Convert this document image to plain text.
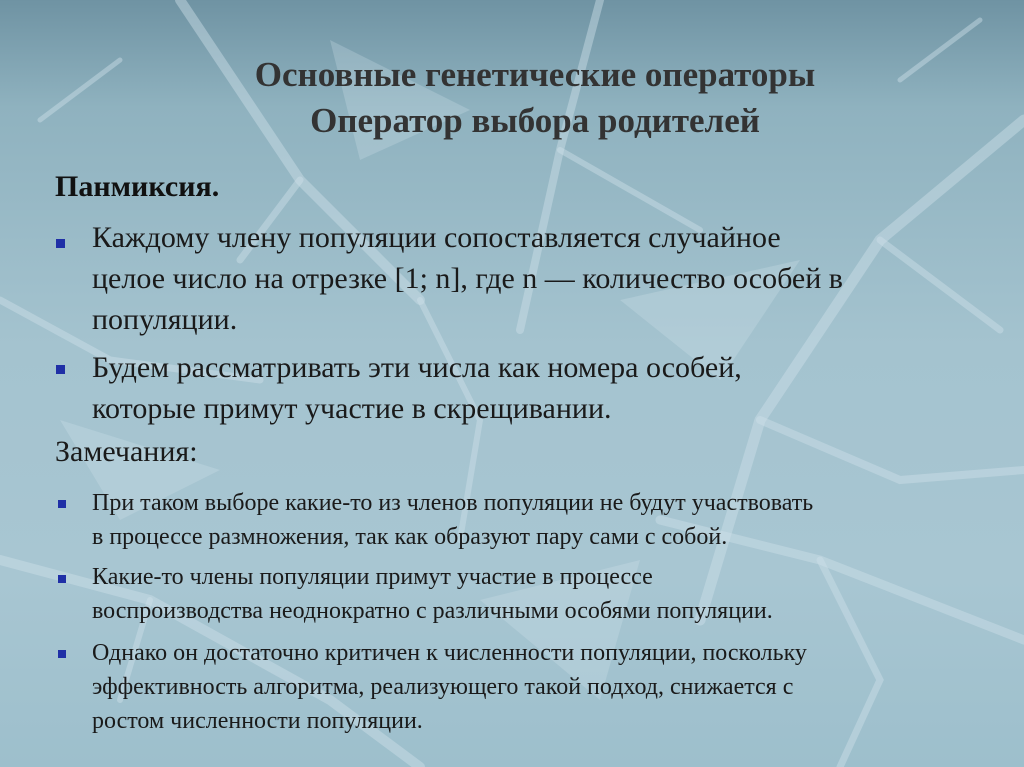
Основные генетические операторы
Оператор выбора родителей
Панмиксия.
Каждому члену популяции сопоставляется случайное
целое число на отрезке [1; n], где n — количество особей в
популяции.
Будем рассматривать эти числа как номера особей,
которые примут участие в скрещивании.
Замечания:
При таком выборе какие-то из членов популяции не будут участвовать
в процессе размножения, так как образуют пару сами с собой.
Какие-то члены популяции примут участие в процессе
воспроизводства неоднократно с различными особями популяции.
Однако он достаточно критичен к численности популяции, поскольку
эффективность алгоритма, реализующего такой подход, снижается с
ростом численности популяции.
